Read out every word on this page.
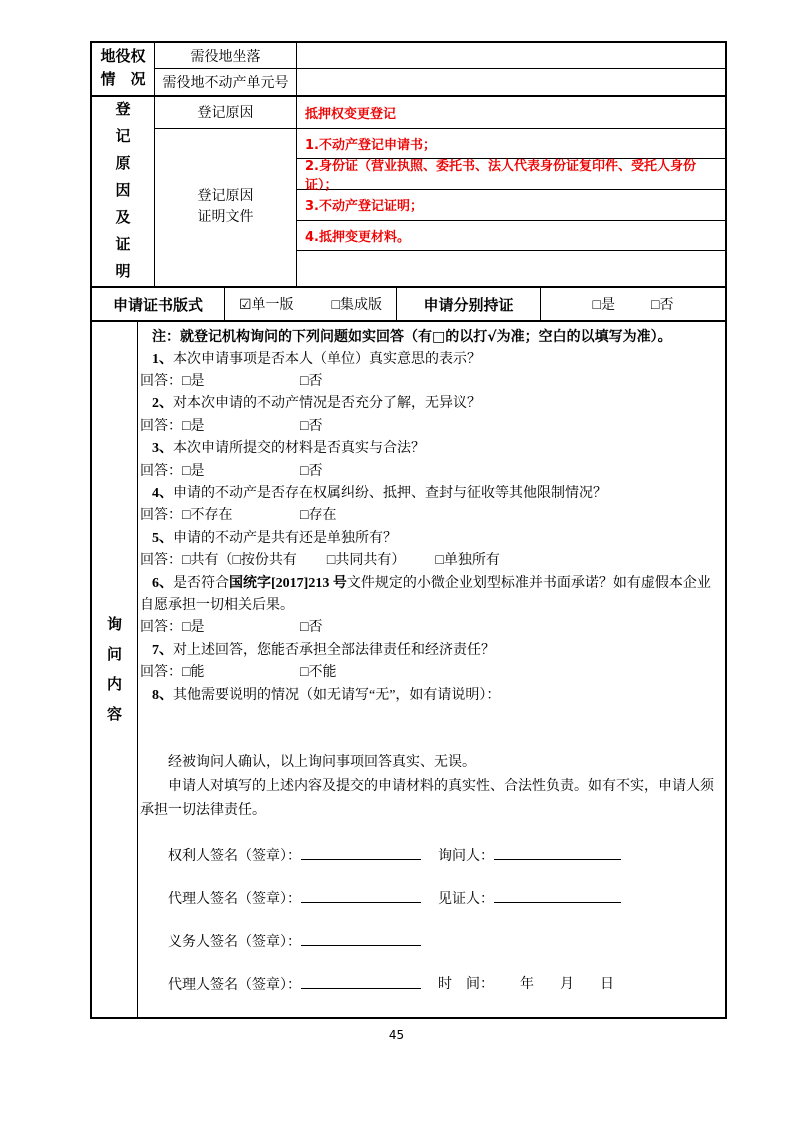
地役权
情　况
需役地坐落
需役地不动产单元号
登记原因及证明
登记原因	抵押权变更登记
登记原因
证明文件
1.不动产登记申请书；
2.身份证（营业执照、委托书、法人代表身份证复印件、受托人身份证）；
3.不动产登记证明；
4.抵押变更材料。
申请证书版式	☑单一版	□集成版	申请分别持证	□是	□否
询问内容
注：就登记机构询问的下列问题如实回答（有□的以打√为准；空白的以填写为准）。
1、本次申请事项是否本人（单位）真实意思的表示？
回答：□是	□否
2、对本次申请的不动产情况是否充分了解，无异议？
回答：□是	□否
3、本次申请所提交的材料是否真实与合法？
回答：□是	□否
4、申请的不动产是否存在权属纠纷、抵押、查封与征收等其他限制情况？
回答：□不存在	□存在
5、申请的不动产是共有还是单独所有？
回答：□共有（□按份共有 □共同共有） □单独所有
6、是否符合国统字[2017]213 号文件规定的小微企业划型标准并书面承诺？如有虚假本企业自愿承担一切相关后果。
回答：□是	□否
7、对上述回答，您能否承担全部法律责任和经济责任？
回答：□能	□不能
8、其他需要说明的情况（如无请写“无”，如有请说明）：

经被询问人确认，以上询问事项回答真实、无误。

申请人对填写的上述内容及提交的申请材料的真实性、合法性负责。如有不实，申请人须承担一切法律责任。

权利人签名（签章）：	询问人：
代理人签名（签章）：	见证人：
义务人签名（签章）：
代理人签名（签章）：	时　间： 年 月 日
45
